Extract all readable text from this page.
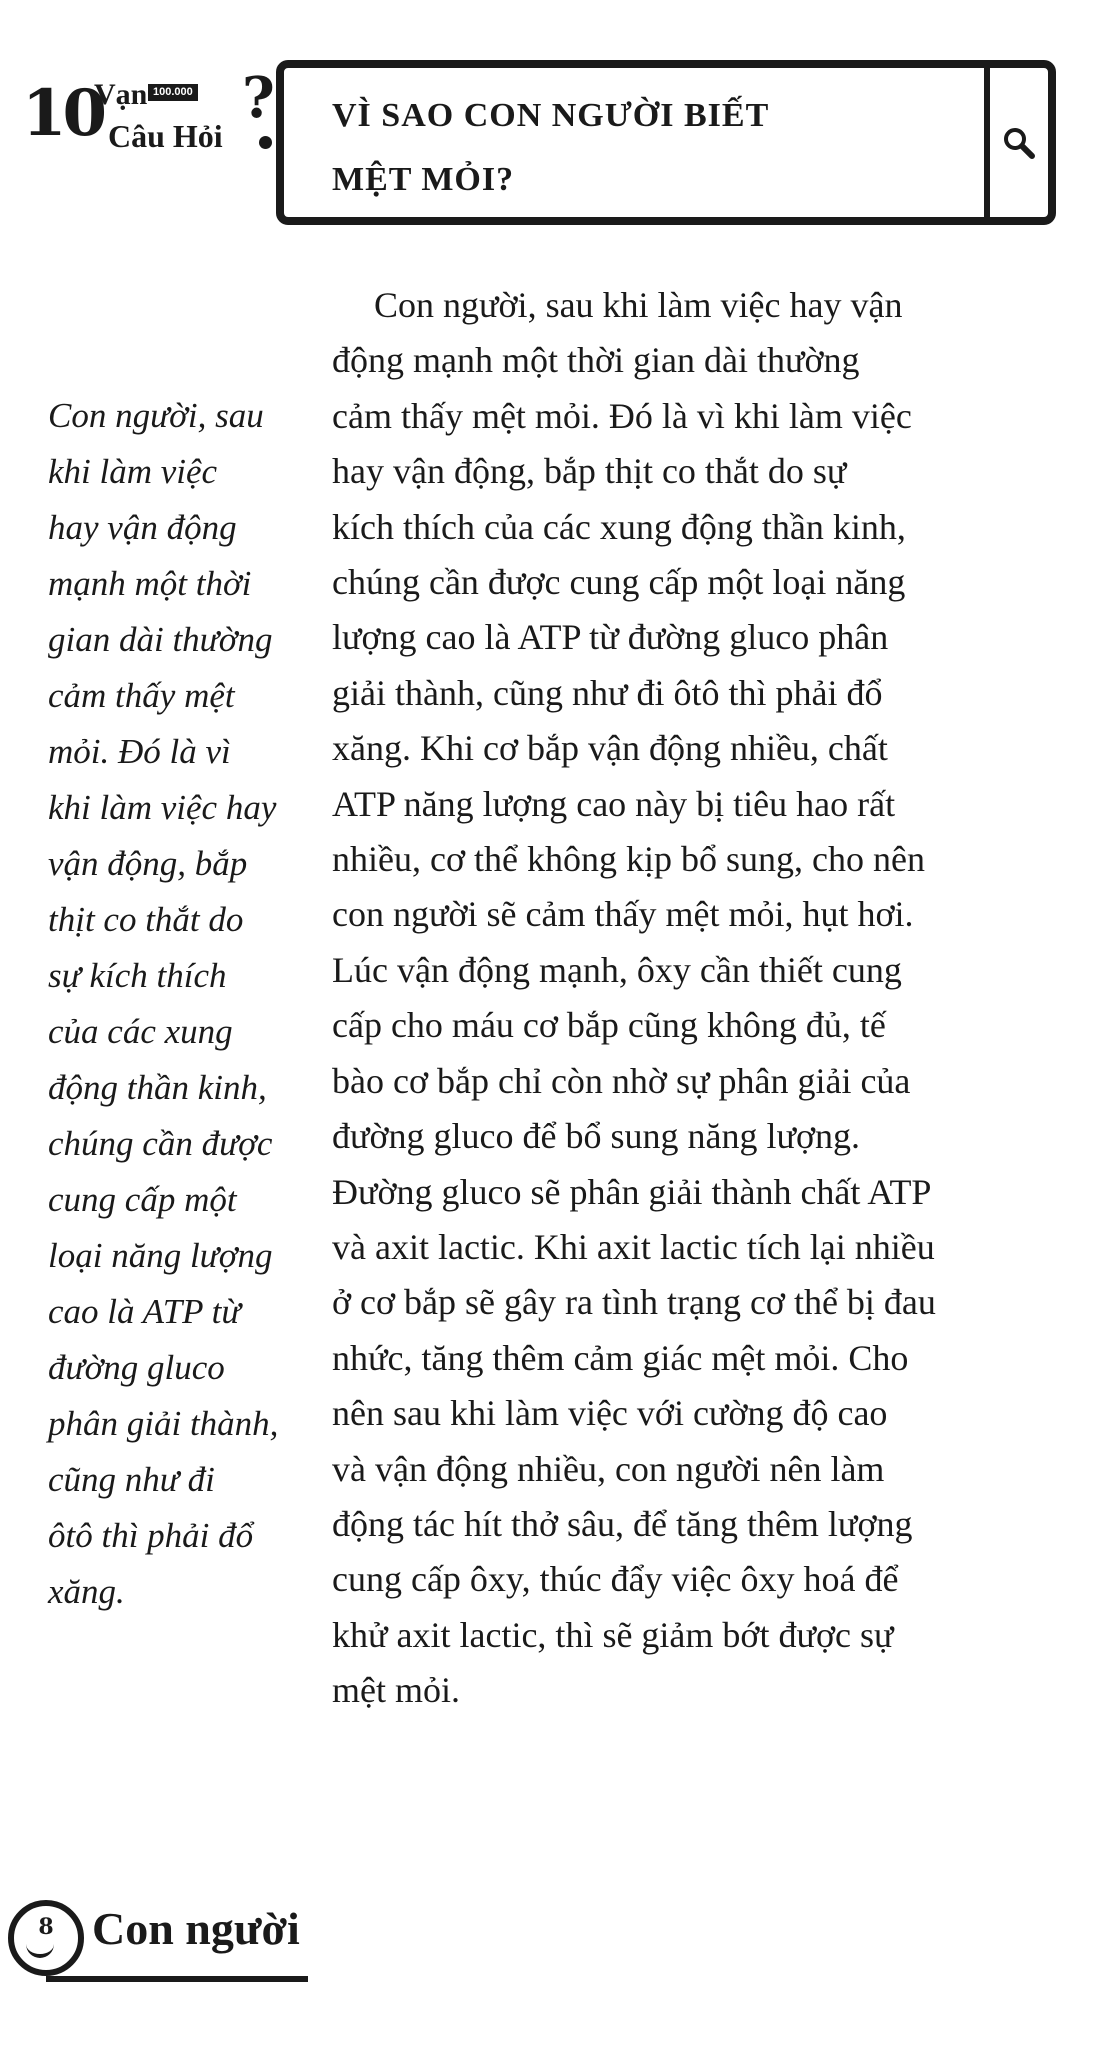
10
Vạn 100.000
Câu Hỏi
? VÌ SAO CON NGƯỜI BIẾT
MỆT MỎI?

Con người, sau
khi làm việc
hay vận động
mạnh một thời
gian dài thường
cảm thấy mệt
mỏi. Đó là vì
khi làm việc hay
vận động, bắp
thịt co thắt do
sự kích thích
của các xung
động thần kinh,
chúng cần được
cung cấp một
loại năng lượng
cao là ATP từ
đường gluco
phân giải thành,
cũng như đi
ôtô thì phải đổ
xăng.

Con người, sau khi làm việc hay vận
động mạnh một thời gian dài thường
cảm thấy mệt mỏi. Đó là vì khi làm việc
hay vận động, bắp thịt co thắt do sự
kích thích của các xung động thần kinh,
chúng cần được cung cấp một loại năng
lượng cao là ATP từ đường gluco phân
giải thành, cũng như đi ôtô thì phải đổ
xăng. Khi cơ bắp vận động nhiều, chất
ATP năng lượng cao này bị tiêu hao rất
nhiều, cơ thể không kịp bổ sung, cho nên
con người sẽ cảm thấy mệt mỏi, hụt hơi.
Lúc vận động mạnh, ôxy cần thiết cung
cấp cho máu cơ bắp cũng không đủ, tế
bào cơ bắp chỉ còn nhờ sự phân giải của
đường gluco để bổ sung năng lượng.
Đường gluco sẽ phân giải thành chất ATP
và axit lactic. Khi axit lactic tích lại nhiều
ở cơ bắp sẽ gây ra tình trạng cơ thể bị đau
nhức, tăng thêm cảm giác mệt mỏi. Cho
nên sau khi làm việc với cường độ cao
và vận động nhiều, con người nên làm
động tác hít thở sâu, để tăng thêm lượng
cung cấp ôxy, thúc đẩy việc ôxy hoá để
khử axit lactic, thì sẽ giảm bớt được sự
mệt mỏi.

8 Con người
